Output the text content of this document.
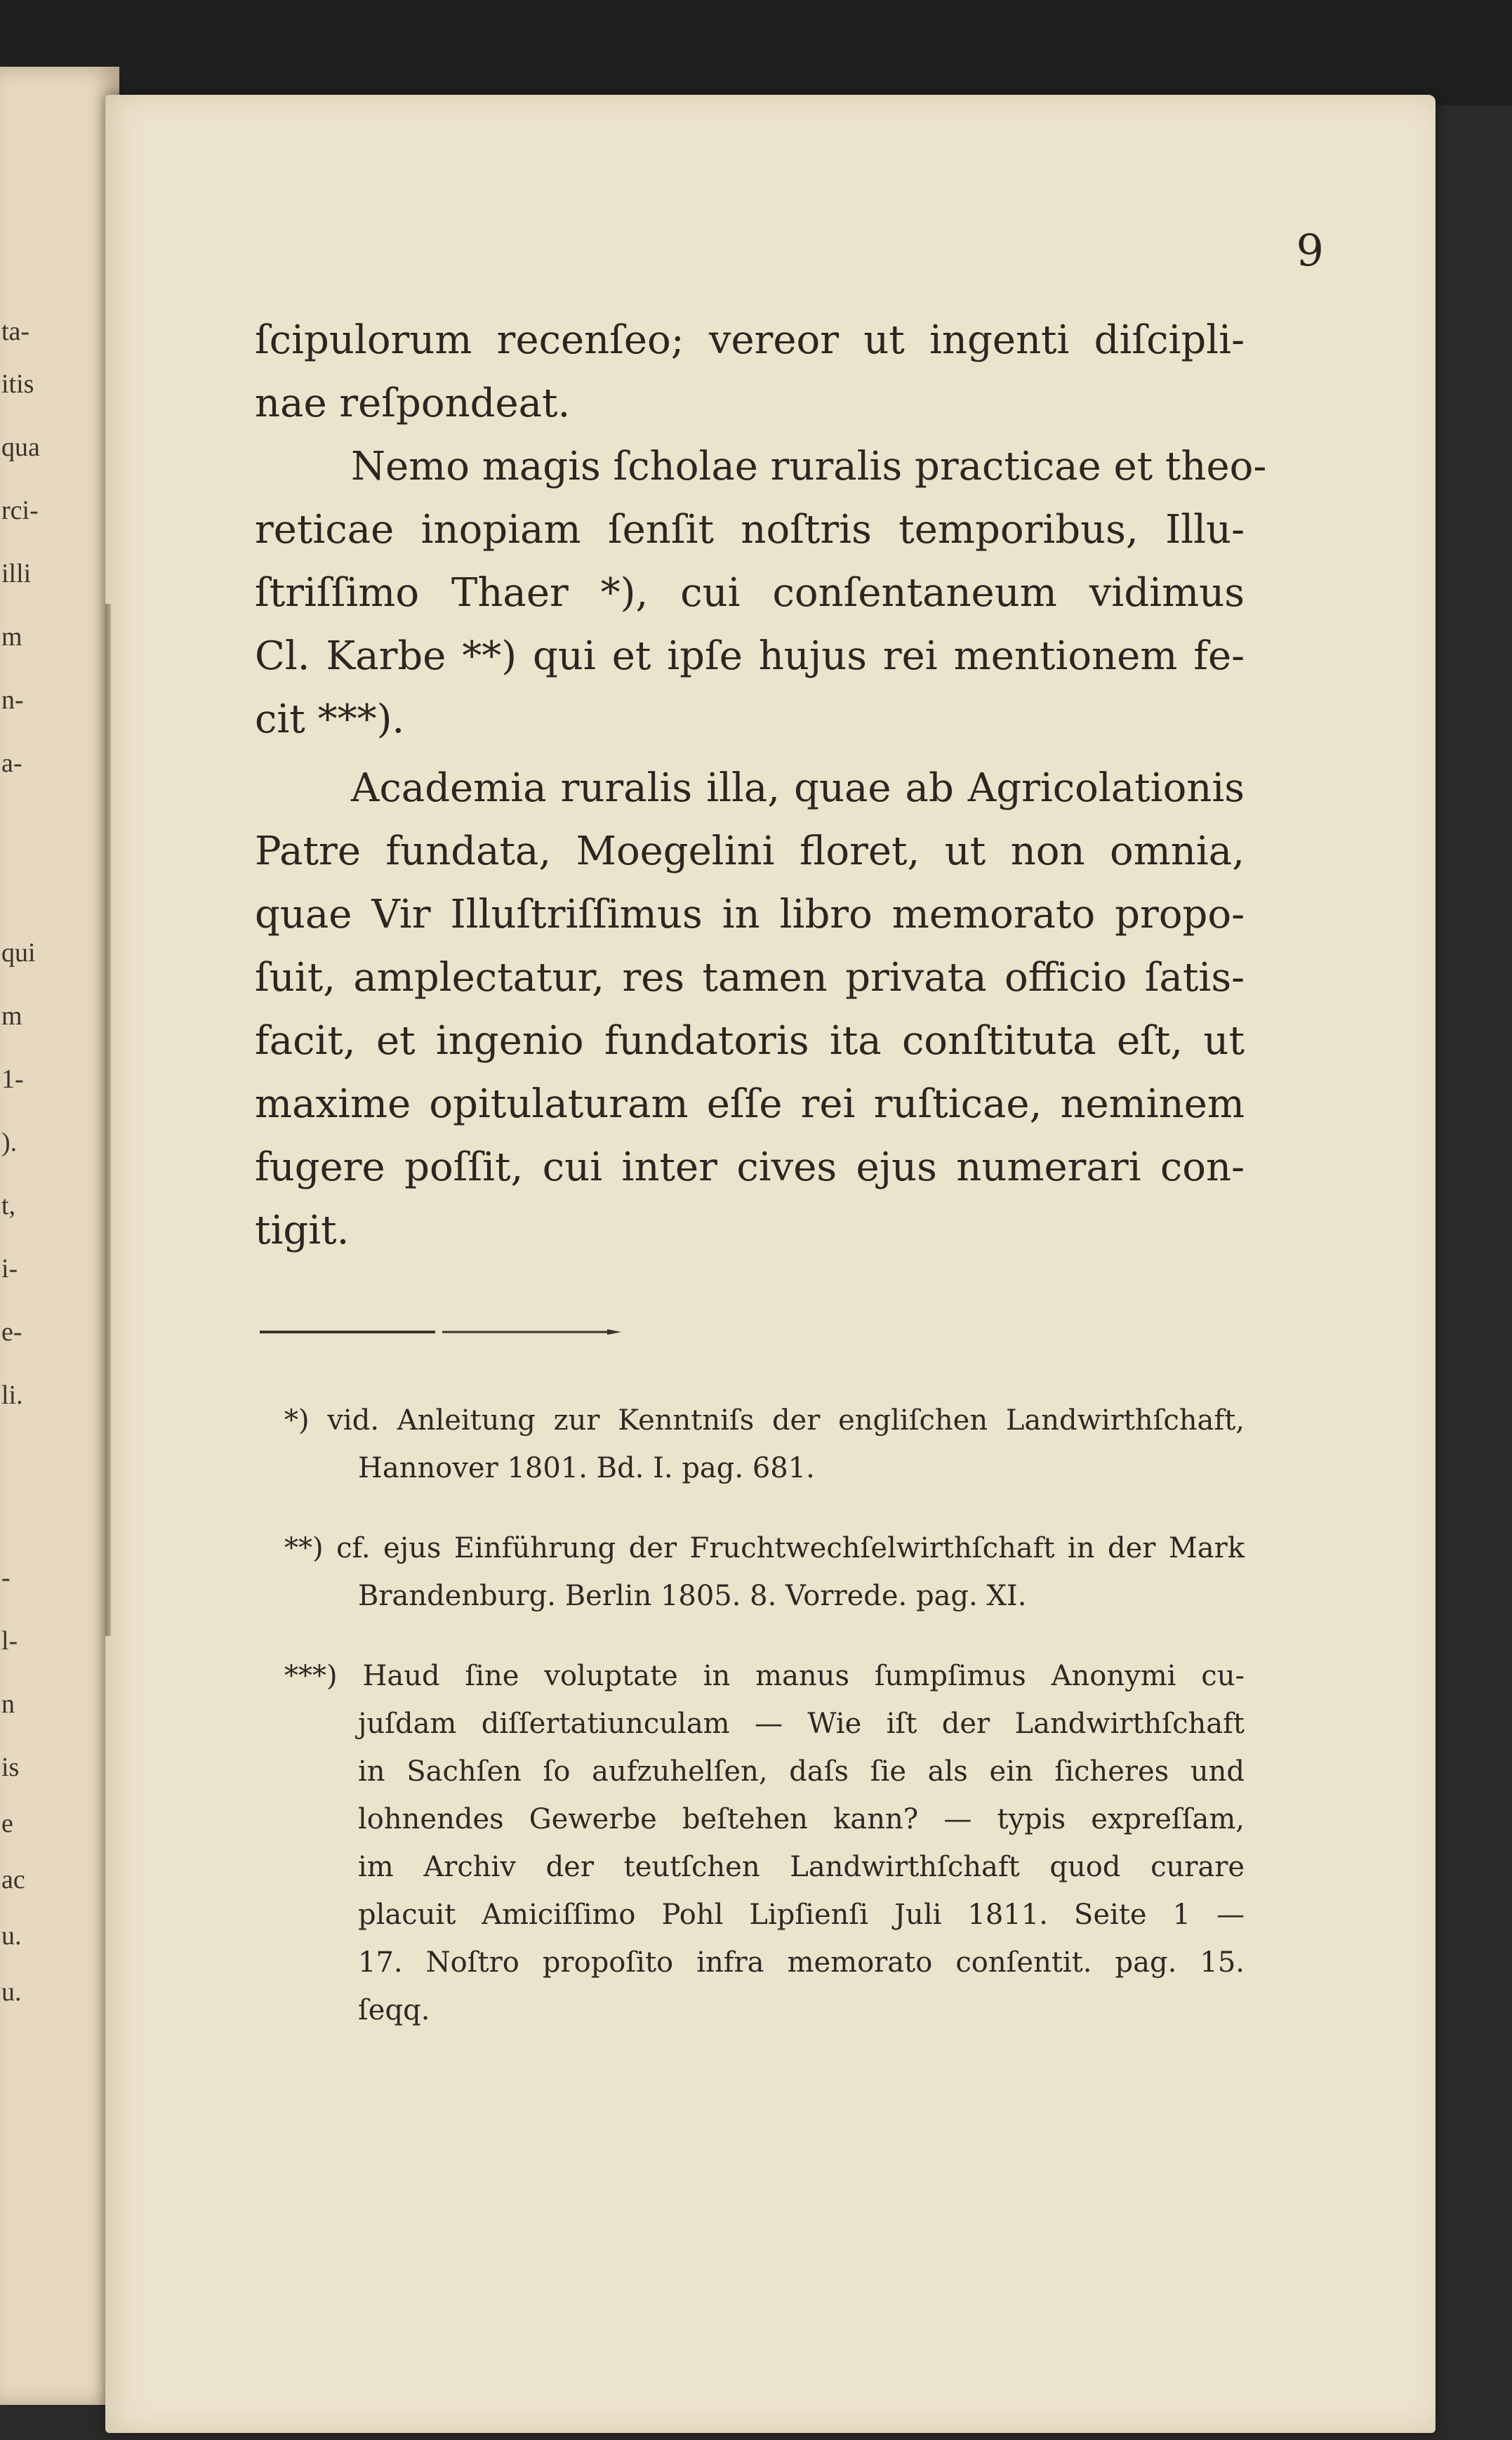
ta-
itis
qua
rci-
illi
m
n-
a-
qui
m
1-
).
t,
i-
e-
li.
-
l-
n
is
e
ac
u.
u.
9
ſcipulorum recenſeo; vereor ut ingenti diſcipli-
nae reſpondeat.
Nemo magis ſcholae ruralis practicae et theo-
reticae inopiam ſenſit noſtris temporibus, Illu-
ſtriſſimo Thaer *), cui conſentaneum vidimus
Cl. Karbe **) qui et ipſe hujus rei mentionem fe-
cit ***).
Academia ruralis illa, quae ab Agricolationis
Patre fundata, Moegelini floret, ut non omnia,
quae Vir Illuſtriſſimus in libro memorato propo-
ſuit, amplectatur, res tamen privata officio ſatis-
facit, et ingenio fundatoris ita conſtituta eſt, ut
maxime opitulaturam eſſe rei ruſticae, neminem
fugere poſſit, cui inter cives ejus numerari con-
tigit.
*) vid. Anleitung zur Kenntniſs der engliſchen Landwirthſchaft,
Hannover 1801. Bd. I. pag. 681.
**) cf. ejus Einführung der Fruchtwechſelwirthſchaft in der Mark
Brandenburg. Berlin 1805. 8. Vorrede. pag. XI.
***) Haud ſine voluptate in manus ſumpſimus Anonymi cu-
juſdam diſſertatiunculam — Wie iſt der Landwirthſchaft
in Sachſen ſo aufzuhelſen, daſs ſie als ein ſicheres und
lohnendes Gewerbe beſtehen kann? — typis expreſſam,
im Archiv der teutſchen Landwirthſchaft quod curare
placuit Amiciſſimo Pohl Lipſienſi Juli 1811. Seite 1 —
17. Noſtro propoſito infra memorato conſentit. pag. 15.
ſeqq.
